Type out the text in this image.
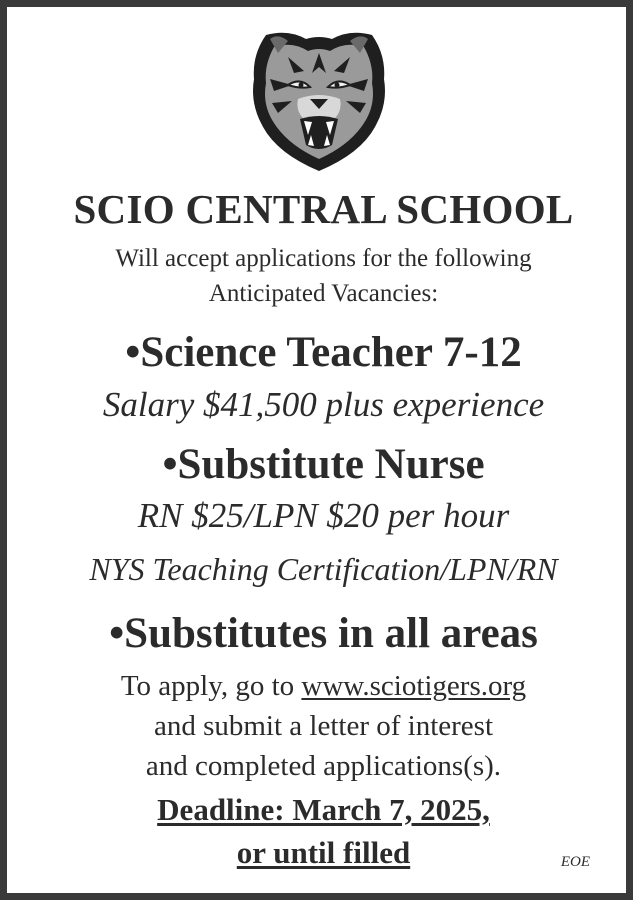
SCIO CENTRAL SCHOOL
Will accept applications for the following
Anticipated Vacancies:
•Science Teacher 7-12
Salary $41,500 plus experience
•Substitute Nurse
RN $25/LPN $20 per hour
NYS Teaching Certification/LPN/RN
•Substitutes in all areas
To apply, go to www.sciotigers.org
and submit a letter of interest
and completed applications(s).
Deadline: March 7, 2025,
or until filled	EOE
